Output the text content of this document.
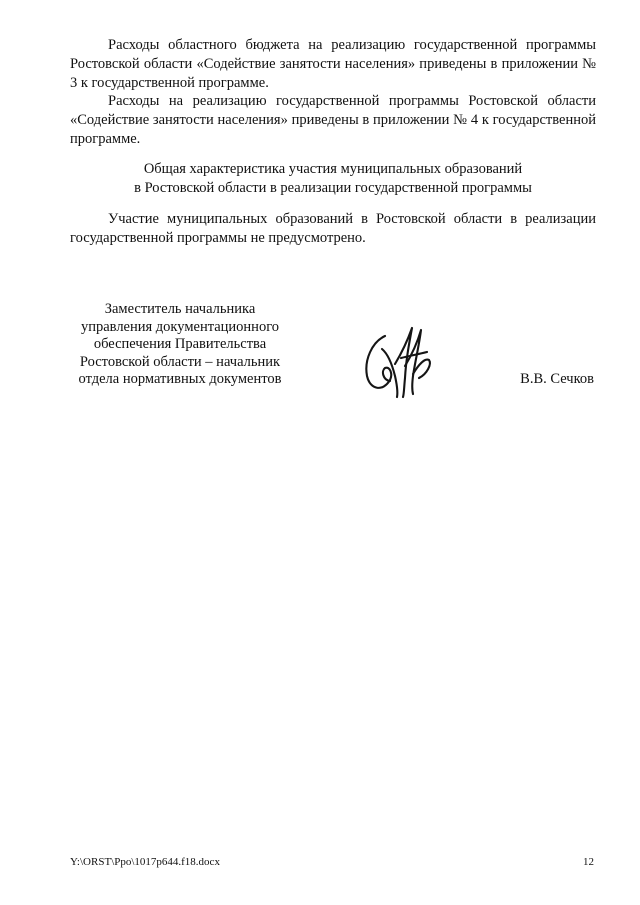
Расходы областного бюджета на реализацию государственной программы Ростовской области «Содействие занятости населения» приведены в приложении № 3 к государственной программе.

Расходы на реализацию государственной программы Ростовской области «Содействие занятости населения» приведены в приложении № 4 к государственной программе.

Общая характеристика участия муниципальных образований
в Ростовской области в реализации государственной программы

Участие муниципальных образований в Ростовской области в реализации государственной программы не предусмотрено.

Заместитель начальника
управления документационного
обеспечения Правительства
Ростовской области – начальник
отдела нормативных документов	В.В. Сечков
Y:\ORST\Ppo\1017p644.f18.docx	12
